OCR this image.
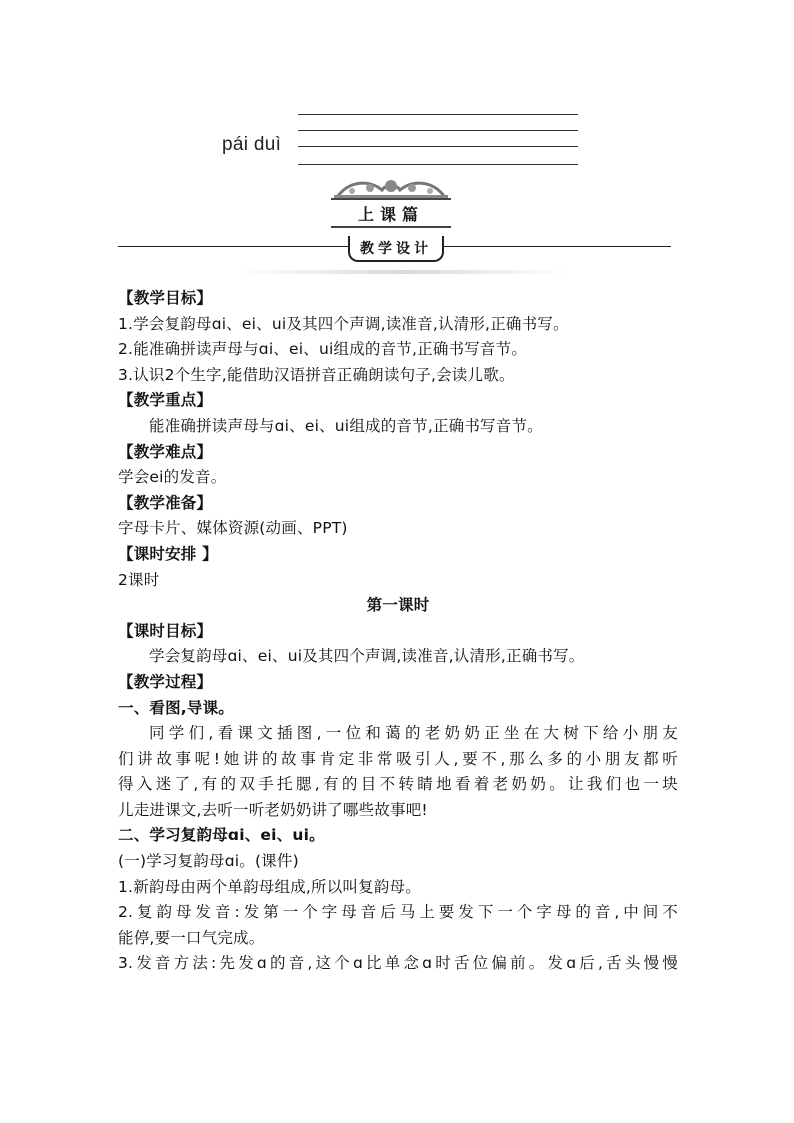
pái duì
上课篇
教学设计
【教学目标】
1.学会复韵母ɑi、ei、ui及其四个声调,读准音,认清形,正确书写。
2.能准确拼读声母与ɑi、ei、ui组成的音节,正确书写音节。
3.认识2个生字,能借助汉语拼音正确朗读句子,会读儿歌。
【教学重点】
能准确拼读声母与ɑi、ei、ui组成的音节,正确书写音节。
【教学难点】
学会ei的发音。
【教学准备】
字母卡片、媒体资源(动画、PPT)
【课时安排 】
2课时
第一课时
【课时目标】
学会复韵母ɑi、ei、ui及其四个声调,读准音,认清形,正确书写。
【教学过程】
一、看图,导课。
同学们,看课文插图,一位和蔼的老奶奶正坐在大树下给小朋友
们讲故事呢!她讲的故事肯定非常吸引人,要不,那么多的小朋友都听
得入迷了,有的双手托腮,有的目不转睛地看着老奶奶。让我们也一块
儿走进课文,去听一听老奶奶讲了哪些故事吧!
二、学习复韵母ɑi、ei、ui。
(一)学习复韵母ɑi。(课件)
1.新韵母由两个单韵母组成,所以叫复韵母。
2.复韵母发音:发第一个字母音后马上要发下一个字母的音,中间不
能停,要一口气完成。
3.发音方法:先发ɑ的音,这个ɑ比单念ɑ时舌位偏前。发ɑ后,舌头慢慢
